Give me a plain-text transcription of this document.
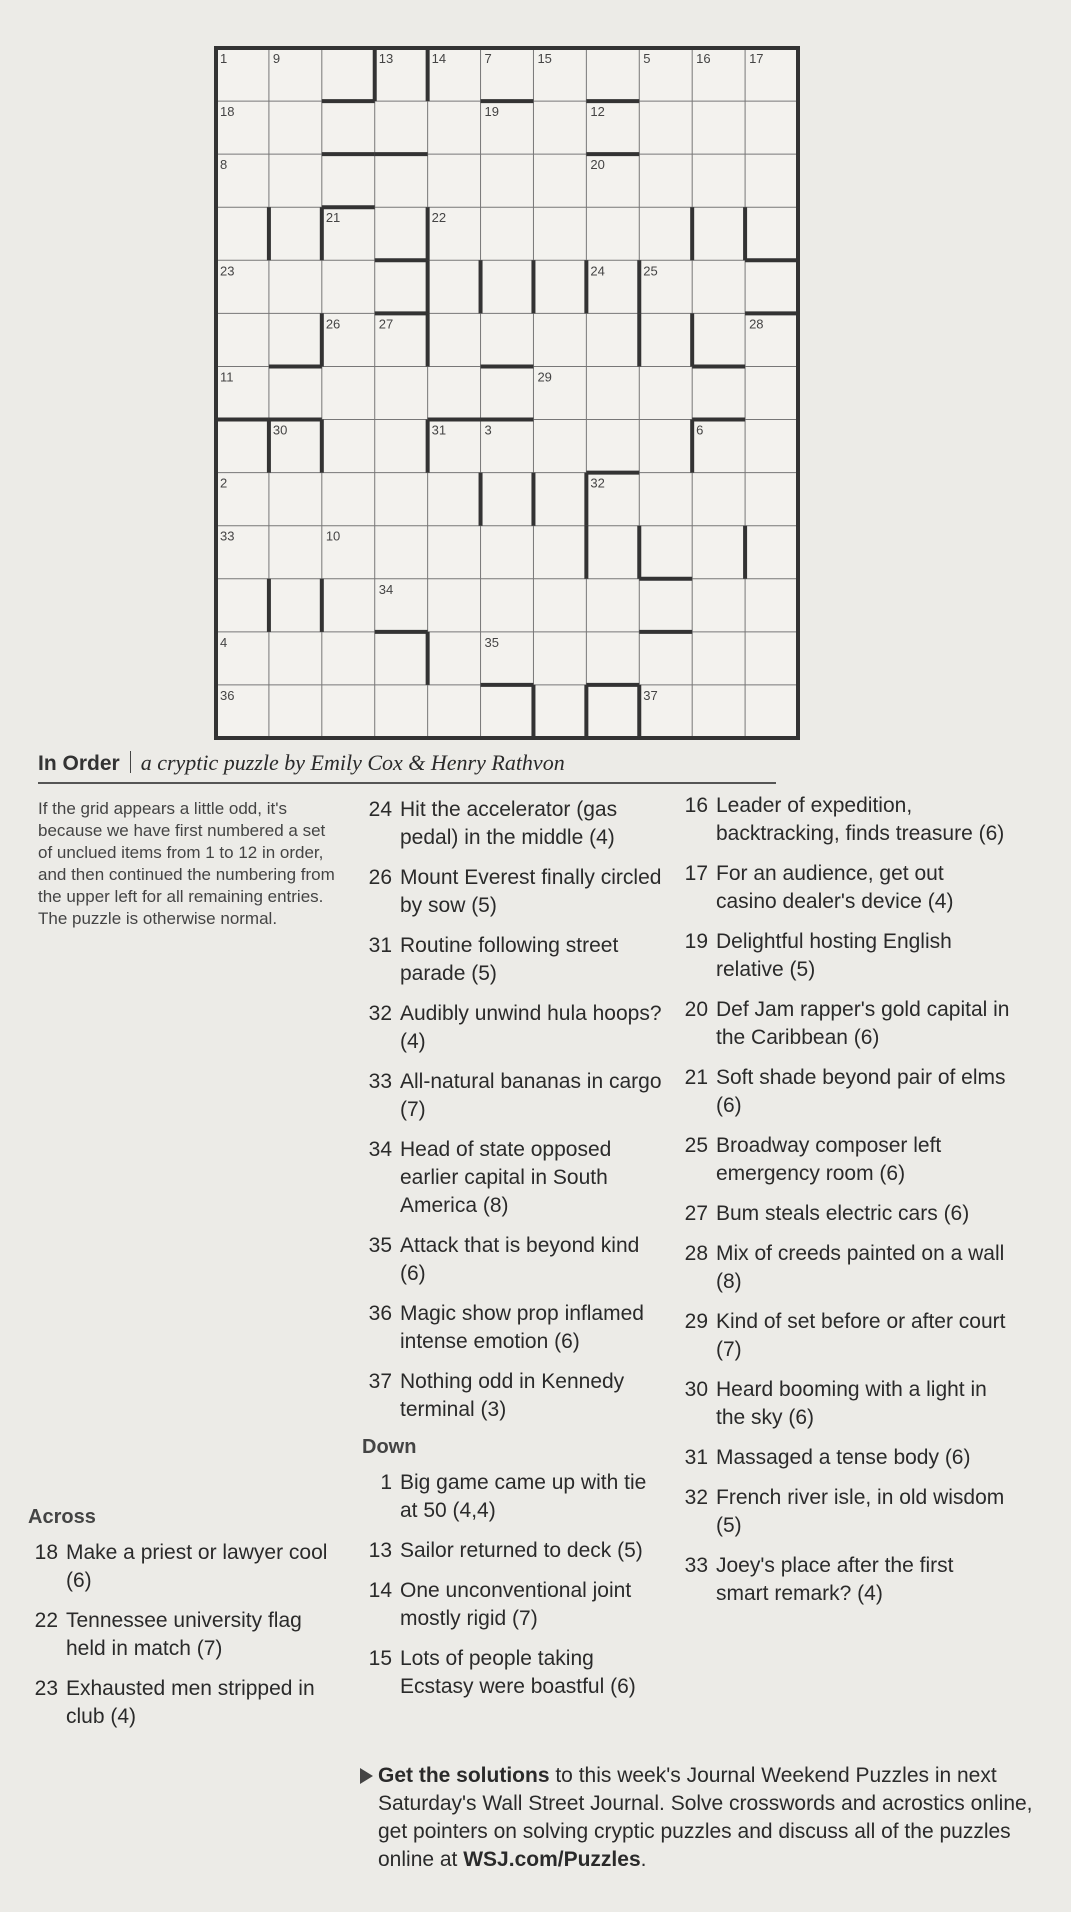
1	9	13	14	7	15	5	16	17
18	19	12
8	20
21	22
23	24	25
26	27	28
11	29
30	31	3	6
2	32
33	10
34
4	35
36	37
In Order a cryptic puzzle by Emily Cox & Henry Rathvon
If the grid appears a little odd, it's because we have first numbered a set of unclued items from 1 to 12 in order, and then continued the numbering from the upper left for all remaining entries. The puzzle is otherwise normal.
Across
18 Make a priest or lawyer cool (6)
22 Tennessee university flag held in match (7)
23 Exhausted men stripped in club (4)
24 Hit the accelerator (gas pedal) in the middle (4)
26 Mount Everest finally circled by sow (5)
31 Routine following street parade (5)
32 Audibly unwind hula hoops? (4)
33 All-natural bananas in cargo (7)
34 Head of state opposed earlier capital in South America (8)
35 Attack that is beyond kind (6)
36 Magic show prop inflamed intense emotion (6)
37 Nothing odd in Kennedy terminal (3)
Down
1 Big game came up with tie at 50 (4,4)
13 Sailor returned to deck (5)
14 One unconventional joint mostly rigid (7)
15 Lots of people taking Ecstasy were boastful (6)
16 Leader of expedition, backtracking, finds treasure (6)
17 For an audience, get out casino dealer's device (4)
19 Delightful hosting English relative (5)
20 Def Jam rapper's gold capital in the Caribbean (6)
21 Soft shade beyond pair of elms (6)
25 Broadway composer left emergency room (6)
27 Bum steals electric cars (6)
28 Mix of creeds painted on a wall (8)
29 Kind of set before or after court (7)
30 Heard booming with a light in the sky (6)
31 Massaged a tense body (6)
32 French river isle, in old wisdom (5)
33 Joey's place after the first smart remark? (4)
Get the solutions to this week's Journal Weekend Puzzles in next Saturday's Wall Street Journal. Solve crosswords and acrostics online, get pointers on solving cryptic puzzles and discuss all of the puzzles online at WSJ.com/Puzzles.
